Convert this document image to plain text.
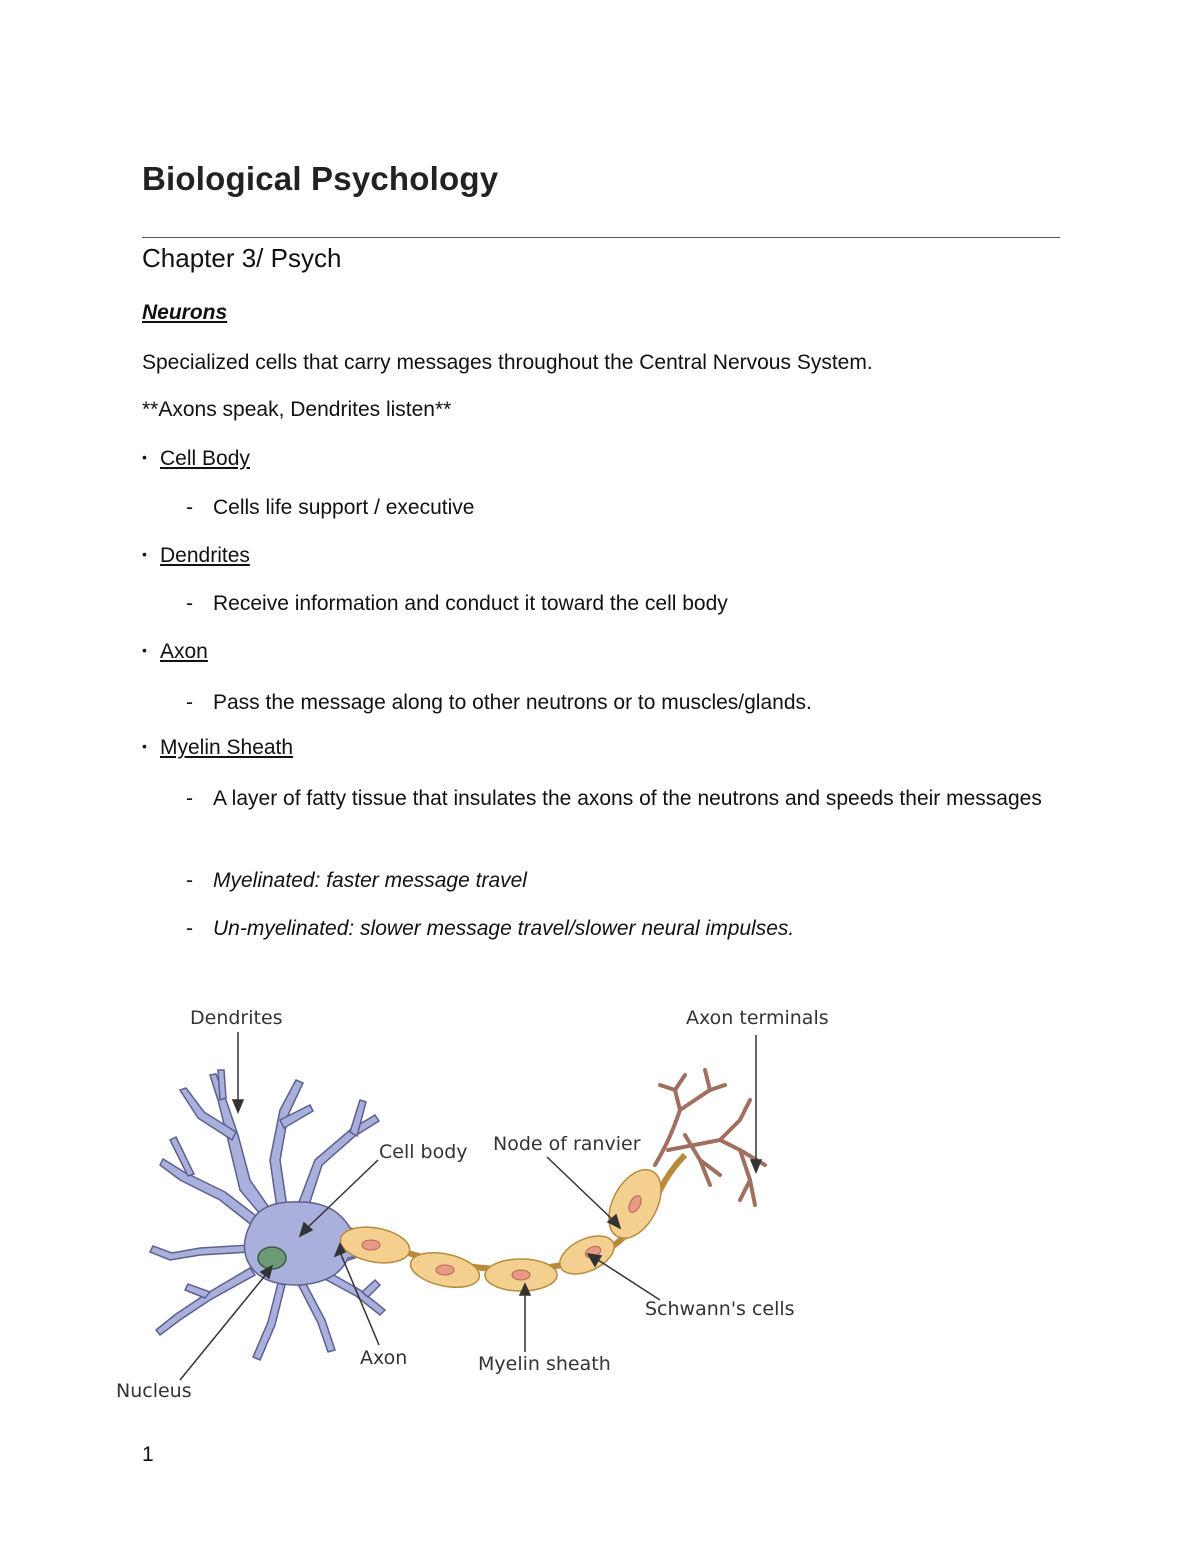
Biological Psychology
Chapter 3/ Psych
Neurons
Specialized cells that carry messages throughout the Central Nervous System.
**Axons speak, Dendrites listen**
• Cell Body
- Cells life support / executive
• Dendrites
- Receive information and conduct it toward the cell body
• Axon
- Pass the message along to other neutrons or to muscles/glands.
• Myelin Sheath
- A layer of fatty tissue that insulates the axons of the neutrons and speeds their messages
- Myelinated: faster message travel
- Un-myelinated: slower message travel/slower neural impulses.
Dendrites	Axon terminals
Cell body Node of ranvier
Schwann's cells
Axon	Myelin sheath
Nucleus
1
